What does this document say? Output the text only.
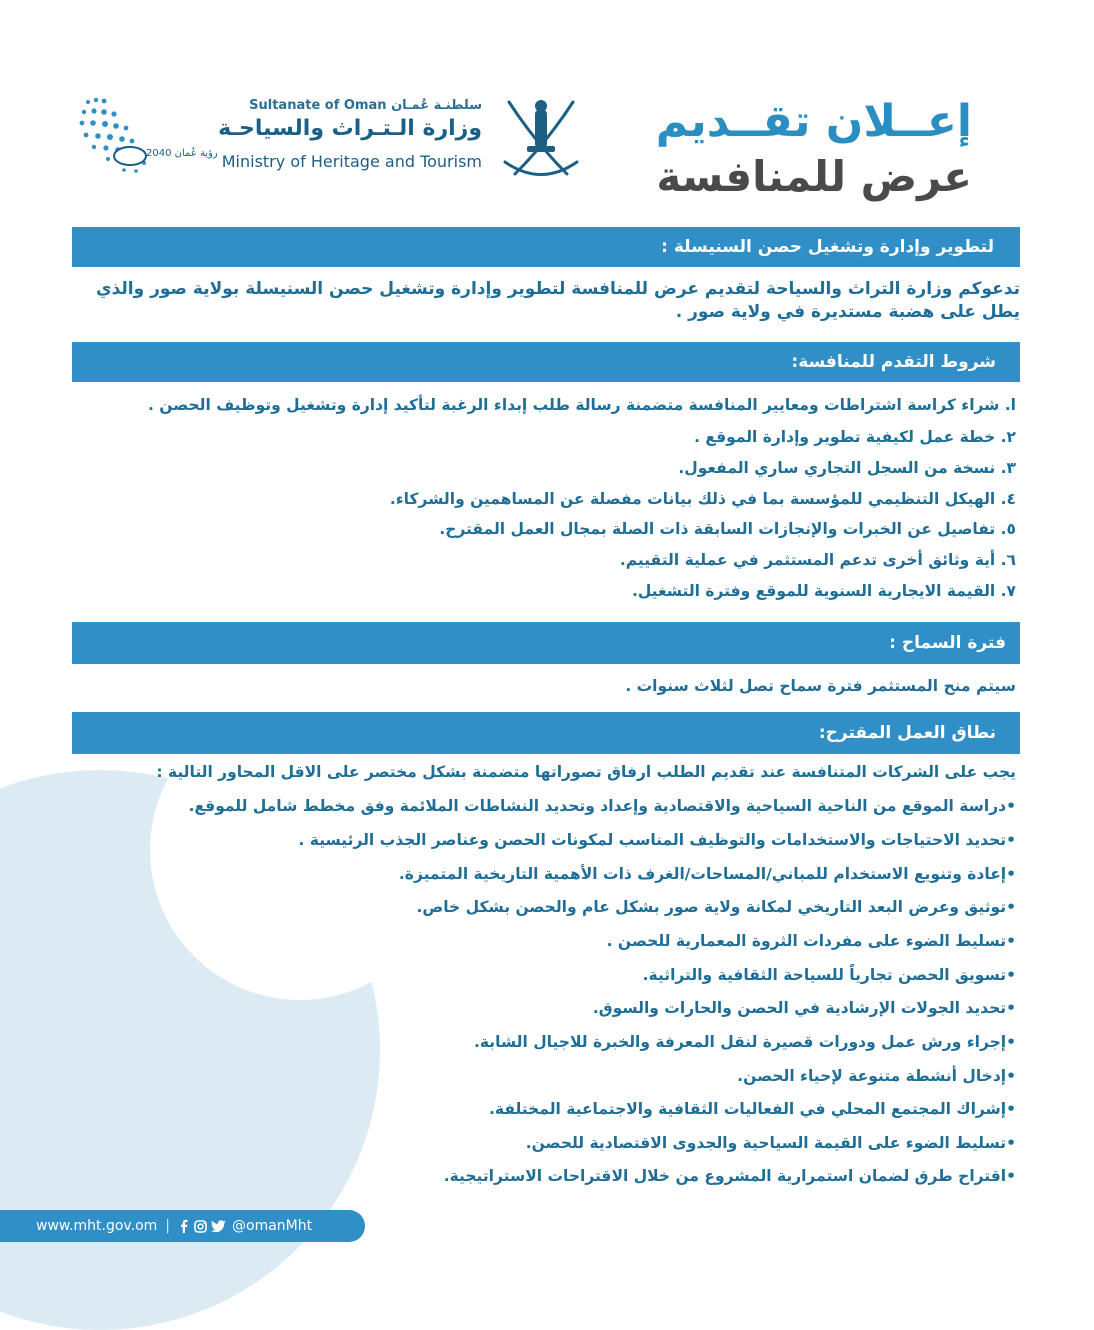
رؤية عُمان 2040
Sultanate of Oman سلطنـة عُمـان
وزارة الـتـراث والسياحـة
Ministry of Heritage and Tourism
إعــلان تقــديم
عرض للمنافسة
لتطوير وإدارة وتشغيل حصن السنيسلة :
تدعوكم وزارة التراث والسياحة لتقديم عرض للمنافسة لتطوير وإدارة وتشغيل حصن السنيسلة بولاية صور والذي يطل على هضبة مستديرة في ولاية صور .
شروط التقدم للمنافسة:
ا. شراء كراسة اشتراطات ومعايير المنافسة متضمنة رسالة طلب إبداء الرغبة لتأكيد إدارة وتشغيل وتوظيف الحصن .
٢. خطة عمل لكيفية تطوير وإدارة الموقع .
٣. نسخة من السجل التجاري ساري المفعول.
٤. الهيكل التنظيمي للمؤسسة بما في ذلك بيانات مفصلة عن المساهمين والشركاء.
٥. تفاصيل عن الخبرات والإنجازات السابقة ذات الصلة بمجال العمل المقترح.
٦. أية وثائق أخرى تدعم المستثمر في عملية التقييم.
٧. القيمة الايجارية السنوية للموقع وفترة التشغيل.
فترة السماح :
سيتم منح المستثمر فترة سماح تصل لثلاث سنوات .
نطاق العمل المقترح:
يجب على الشركات المتنافسة عند تقديم الطلب ارفاق تصوراتها متضمنة بشكل مختصر على الاقل المحاور التالية :
•دراسة الموقع من الناحية السياحية والاقتصادية وإعداد وتحديد النشاطات الملائمة وفق مخطط شامل للموقع.
•تحديد الاحتياجات والاستخدامات والتوظيف المناسب لمكونات الحصن وعناصر الجذب الرئيسية .
•إعادة وتنويع الاستخدام للمباني/المساحات/الغرف ذات الأهمية التاريخية المتميزة.
•توثيق وعرض البعد التاريخي لمكانة ولاية صور بشكل عام والحصن بشكل خاص.
•تسليط الضوء على مفردات الثروة المعمارية للحصن .
•تسويق الحصن تجارياً للسياحة الثقافية والتراثية.
•تحديد الجولات الإرشادية في الحصن والحارات والسوق.
•إجراء ورش عمل ودورات قصيرة لنقل المعرفة والخبرة للاجيال الشابة.
•إدخال أنشطة متنوعة لإحياء الحصن.
•إشراك المجتمع المحلي في الفعاليات الثقافية والاجتماعية المختلفة.
•تسليط الضوء على القيمة السياحية والجدوى الاقتصادية للحصن.
•اقتراح طرق لضمان استمرارية المشروع من خلال الاقتراحات الاستراتيجية.
www.mht.gov.om |	@omanMht
